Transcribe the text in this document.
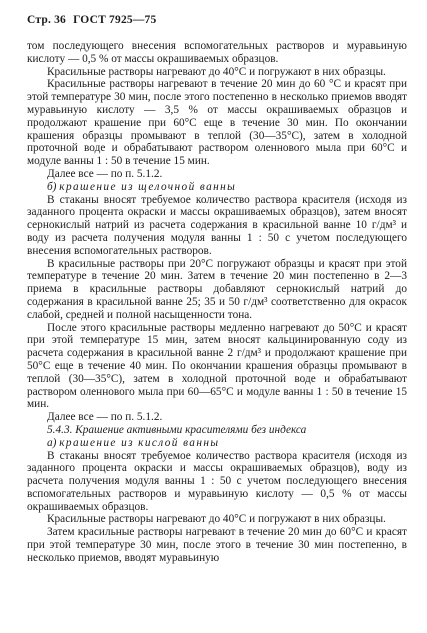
Стр. 36 ГОСТ 7925—75

том последующего внесения вспомогательных растворов и муравьиную кислоту — 0,5 % от массы окрашиваемых образцов.

Красильные растворы нагревают до 40°С и погружают в них образцы.

Красильные растворы нагревают в течение 20 мин до 60 °С и красят при этой температуре 30 мин, после этого постепенно в несколько приемов вводят муравьиную кислоту — 3,5 % от массы окрашиваемых образцов и продолжают крашение при 60°С еще в течение 30 мин. По окончании крашения образцы промывают в теплой (30—35°С), затем в холодной проточной воде и обрабатывают раствором оленнового мыла при 60°С и модуле ванны 1 : 50 в течение 15 мин.

Далее все — по п. 5.1.2.

б) крашение из щелочной ванны

В стаканы вносят требуемое количество раствора красителя (исходя из заданного процента окраски и массы окрашиваемых образцов), затем вносят сернокислый натрий из расчета содержания в красильной ванне 10 г/дм³ и воду из расчета получения модуля ванны 1 : 50 с учетом последующего внесения вспомогательных растворов.

В красильные растворы при 20°С погружают образцы и красят при этой температуре в течение 20 мин. Затем в течение 20 мин постепенно в 2—3 приема в красильные растворы добавляют сернокислый натрий до содержания в красильной ванне 25; 35 и 50 г/дм³ соответственно для окрасок слабой, средней и полной насыщенности тона.

После этого красильные растворы медленно нагревают до 50°С и красят при этой температуре 15 мин, затем вносят кальцинированную соду из расчета содержания в красильной ванне 2 г/дм³ и продолжают крашение при 50°С еще в течение 40 мин. По окончании крашения образцы промывают в теплой (30—35°С), затем в холодной проточной воде и обрабатывают раствором оленнового мыла при 60—65°С и модуле ванны 1 : 50 в течение 15 мин.

Далее все — по п. 5.1.2.

5.4.3. Крашение активными красителями без индекса

а) крашение из кислой ванны

В стаканы вносят требуемое количество раствора красителя (исходя из заданного процента окраски и массы окрашиваемых образцов), воду из расчета получения модуля ванны 1 : 50 с учетом последующего внесения вспомогательных растворов и муравьиную кислоту — 0,5 % от массы окрашиваемых образцов.

Красильные растворы нагревают до 40°С и погружают в них образцы.

Затем красильные растворы нагревают в течение 20 мин до 60°С и красят при этой температуре 30 мин, после этого в течение 30 мин постепенно, в несколько приемов, вводят муравьиную
